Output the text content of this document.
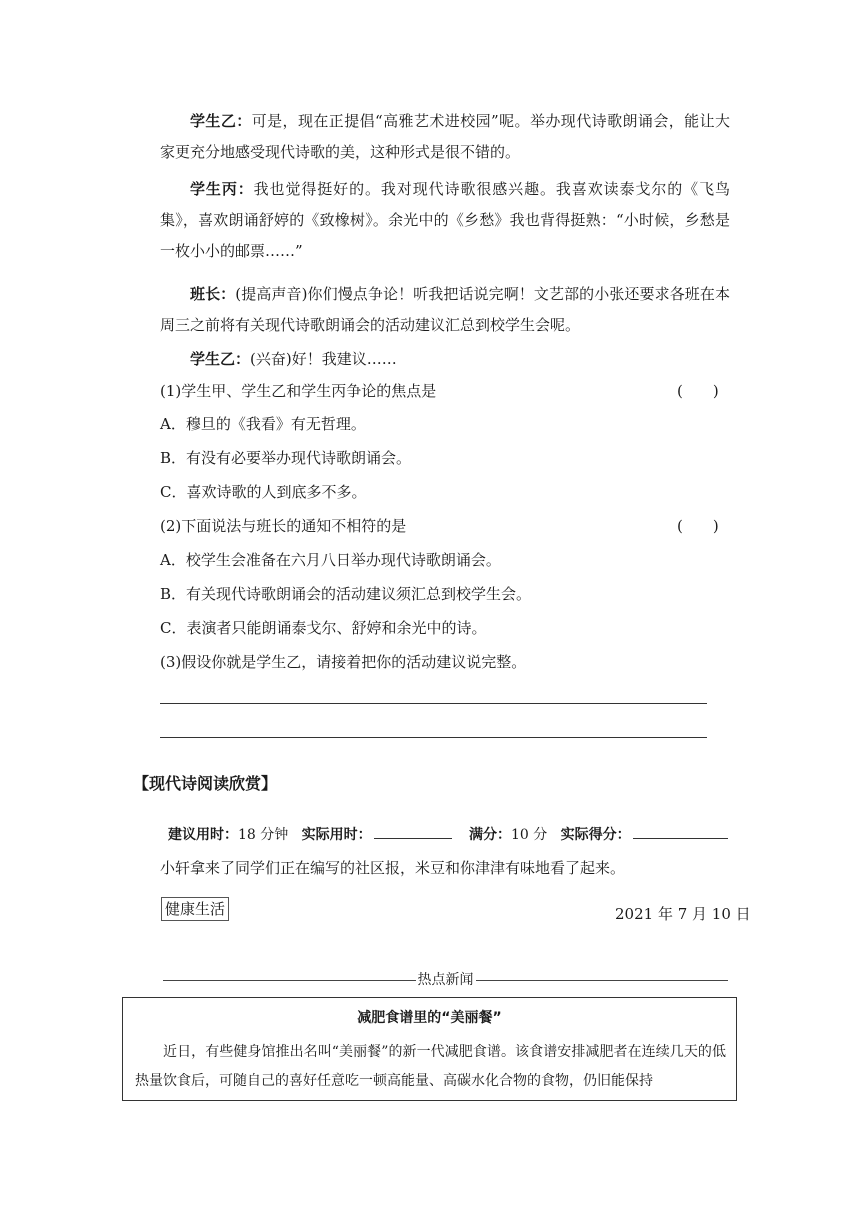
学生乙：可是，现在正提倡“高雅艺术进校园”呢。举办现代诗歌朗诵会，能让大家更充分地感受现代诗歌的美，这种形式是很不错的。

学生丙：我也觉得挺好的。我对现代诗歌很感兴趣。我喜欢读泰戈尔的《飞鸟集》，喜欢朗诵舒婷的《致橡树》。余光中的《乡愁》我也背得挺熟：“小时候，乡愁是一枚小小的邮票……”

班长：(提高声音)你们慢点争论！听我把话说完啊！文艺部的小张还要求各班在本周三之前将有关现代诗歌朗诵会的活动建议汇总到校学生会呢。

学生乙：(兴奋)好！我建议……

(1)学生甲、学生乙和学生丙争论的焦点是	(　　)
A．穆旦的《我看》有无哲理。
B．有没有必要举办现代诗歌朗诵会。
C．喜欢诗歌的人到底多不多。
(2)下面说法与班长的通知不相符的是	(　　)
A．校学生会准备在六月八日举办现代诗歌朗诵会。
B．有关现代诗歌朗诵会的活动建议须汇总到校学生会。
C．表演者只能朗诵泰戈尔、舒婷和余光中的诗。
(3)假设你就是学生乙，请接着把你的活动建议说完整。
【现代诗阅读欣赏】
建议用时：18 分钟 实际用时：	满分：10 分 实际得分：
小轩拿来了同学们正在编写的社区报，米豆和你津津有味地看了起来。
健康生活	2021 年 7 月 10 日
热点新闻
减肥食谱里的“美丽餐”

近日，有些健身馆推出名叫“美丽餐”的新一代减肥食谱。该食谱安排减肥者在连续几天的低热量饮食后，可随自己的喜好任意吃一顿高能量、高碳水化合物的食物，仍旧能保持
